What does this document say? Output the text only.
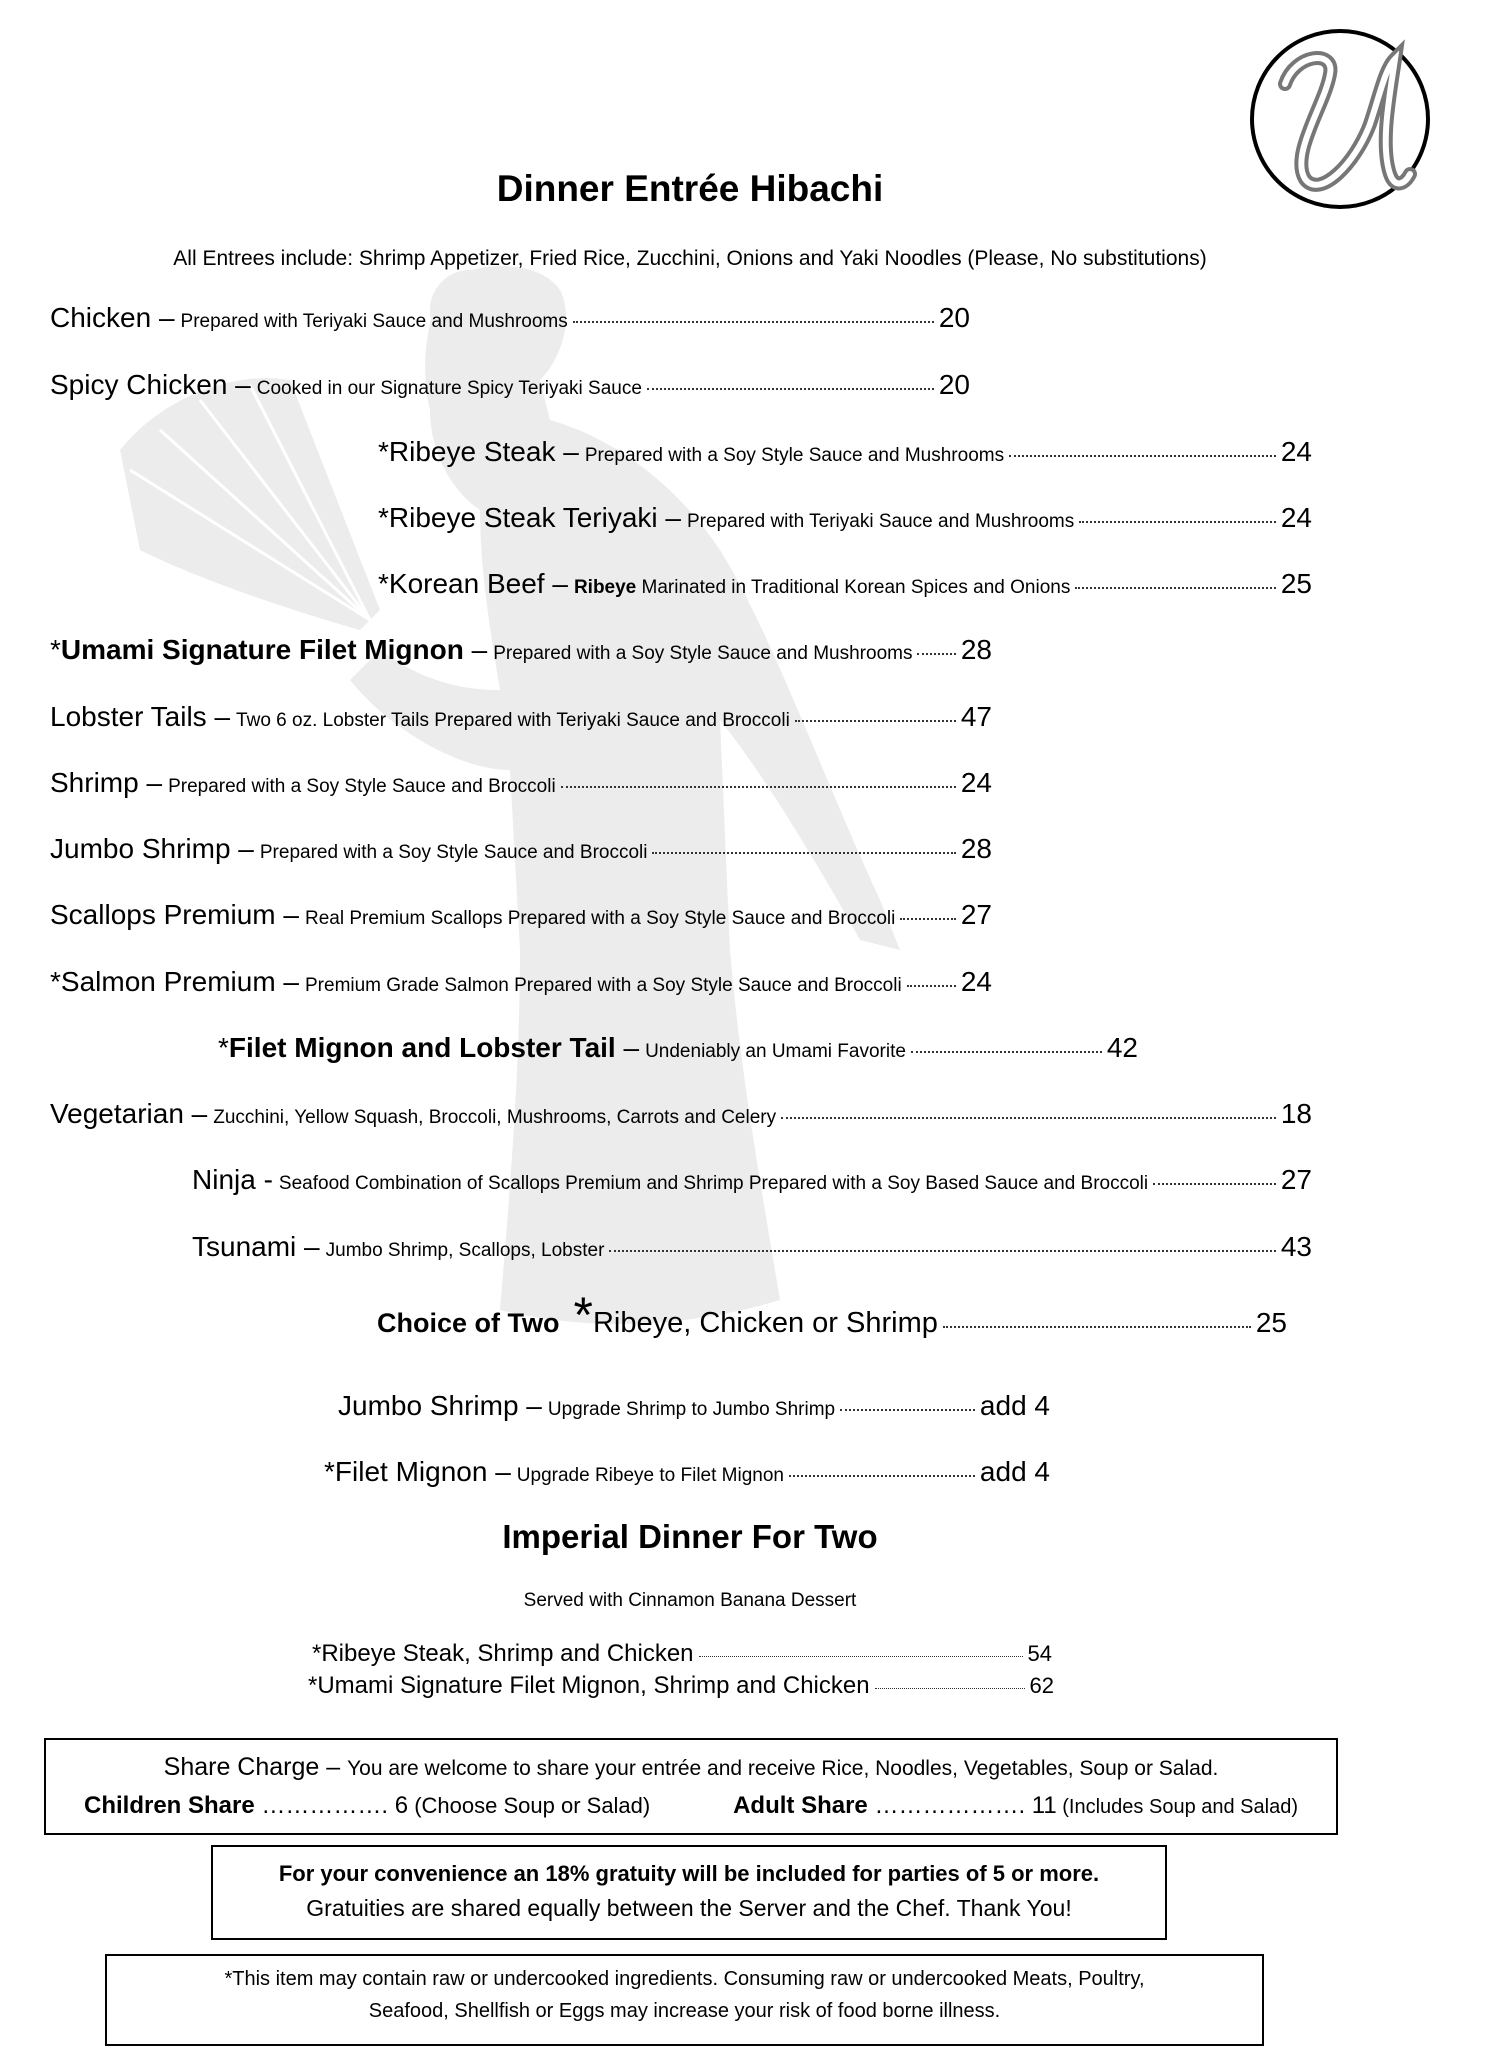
Dinner Entrée Hibachi
All Entrees include: Shrimp Appetizer, Fried Rice, Zucchini, Onions and Yaki Noodles (Please, No substitutions)
Chicken – Prepared with Teriyaki Sauce and Mushrooms	20
Spicy Chicken – Cooked in our Signature Spicy Teriyaki Sauce	20
*Ribeye Steak – Prepared with a Soy Style Sauce and Mushrooms	24
*Ribeye Steak Teriyaki – Prepared with Teriyaki Sauce and Mushrooms	24
*Korean Beef – Ribeye Marinated in Traditional Korean Spices and Onions	25
*Umami Signature Filet Mignon – Prepared with a Soy Style Sauce and Mushrooms 28
Lobster Tails – Two 6 oz. Lobster Tails Prepared with Teriyaki Sauce and Broccoli	47
Shrimp – Prepared with a Soy Style Sauce and Broccoli	24
Jumbo Shrimp – Prepared with a Soy Style Sauce and Broccoli	28
Scallops Premium – Real Premium Scallops Prepared with a Soy Style Sauce and Broccoli 27
*Salmon Premium – Premium Grade Salmon Prepared with a Soy Style Sauce and Broccoli 24
*Filet Mignon and Lobster Tail – Undeniably an Umami Favorite	42
Vegetarian – Zucchini, Yellow Squash, Broccoli, Mushrooms, Carrots and Celery	18
Ninja - Seafood Combination of Scallops Premium and Shrimp Prepared with a Soy Based Sauce and Broccoli	27
Tsunami – Jumbo Shrimp, Scallops, Lobster	43
Choice of Two * Ribeye, Chicken or Shrimp	25
Jumbo Shrimp – Upgrade Shrimp to Jumbo Shrimp	add 4
*Filet Mignon – Upgrade Ribeye to Filet Mignon	add 4
Imperial Dinner For Two
Served with Cinnamon Banana Dessert
*Ribeye Steak, Shrimp and Chicken	54
*Umami Signature Filet Mignon, Shrimp and Chicken	62
Share Charge – You are welcome to share your entrée and receive Rice, Noodles, Vegetables, Soup or Salad.
Children Share ……………. 6 (Choose Soup or Salad)	Adult Share ………………. 11 (Includes Soup and Salad)
For your convenience an 18% gratuity will be included for parties of 5 or more.
Gratuities are shared equally between the Server and the Chef. Thank You!
*This item may contain raw or undercooked ingredients. Consuming raw or undercooked Meats, Poultry,
Seafood, Shellfish or Eggs may increase your risk of food borne illness.
